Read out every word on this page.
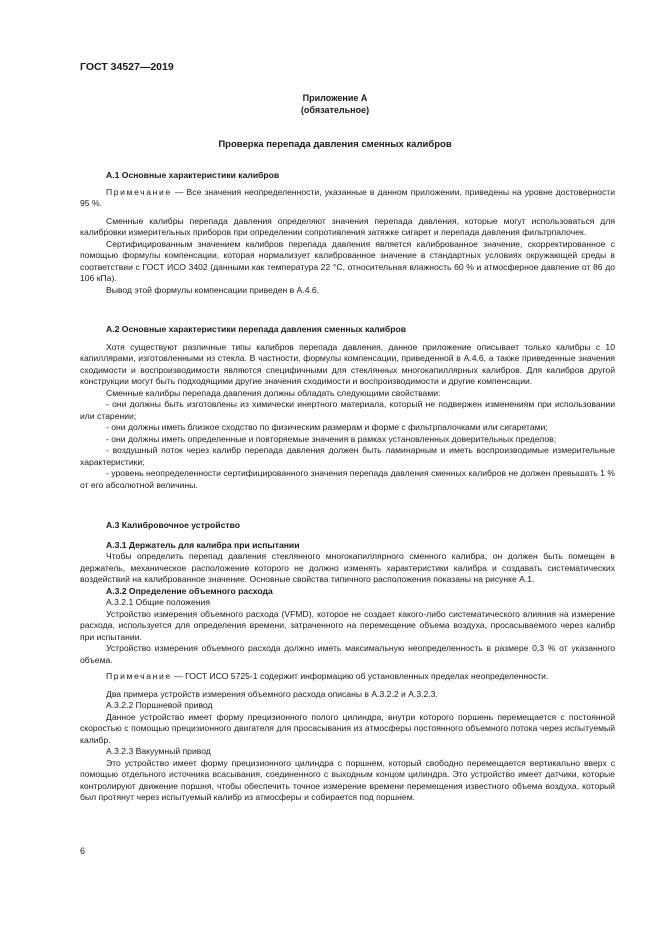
ГОСТ 34527—2019
Приложение А
(обязательное)
Проверка перепада давления сменных калибров

А.1 Основные характеристики калибров

Примечание — Все значения неопределенности, указанные в данном приложении, приведены на уровне достоверности 95 %.

Сменные калибры перепада давления определяют значения перепада давления, которые могут использоваться для калибровки измерительных приборов при определении сопротивления затяжке сигарет и перепада давления фильтрпалочек.

Сертифицированным значением калибров перепада давления является калиброванное значение, скорректированное с помощью формулы компенсации, которая нормализует калиброванное значение в стандартных условиях окружающей среды в соответствии с ГОСТ ИСО 3402 (данными как температура 22 °С, относительная влажность 60 % и атмосферное давление от 86 до 106 кПа).

Вывод этой формулы компенсации приведен в А.4.6.

А.2 Основные характеристики перепада давления сменных калибров

Хотя существуют различные типы калибров перепада давления, данное приложение описывает только калибры с 10 капиллярами, изготовленными из стекла. В частности, формулы компенсации, приведенной в А.4.6, а также приведенные значения сходимости и воспроизводимости являются специфичными для стеклянных многокапиллярных калибров. Для калибров другой конструкции могут быть подходящими другие значения сходимости и воспроизводимости и другие компенсации.

Сменные калибры перепада давления должны обладать следующими свойствами:

- они должны быть изготовлены из химически инертного материала, который не подвержен изменениям при использовании или старении;

- они должны иметь близкое сходство по физическим размерам и форме с фильтрпалочками или сигаретами;

- они должны иметь определенные и повторяемые значения в рамках установленных доверительных пределов;

- воздушный поток через калибр перепада давления должен быть ламинарным и иметь воспроизводимые измерительные характеристики;

- уровень неопределенности сертифицированного значения перепада давления сменных калибров не должен превышать 1 % от его абсолютной величины.

А.3 Калибровочное устройство

А.3.1 Держатель для калибра при испытании

Чтобы определить перепад давления стеклянного многокапиллярного сменного калибра, он должен быть помещен в держатель, механическое расположение которого не должно изменять характеристики калибра и создавать систематических воздействий на калиброванное значение. Основные свойства типичного расположения показаны на рисунке А.1.

А.3.2 Определение объемного расхода

А.3.2.1 Общие положения

Устройство измерения объемного расхода (VFMD), которое не создает какого-либо систематического влияния на измерение расхода, используется для определения времени, затраченного на перемещение объема воздуха, просасываемого через калибр при испытании.

Устройство измерения объемного расхода должно иметь максимальную неопределенность в размере 0,3 % от указанного объема.

Примечание — ГОСТ ИСО 5725-1 содержит информацию об установленных пределах неопределенности.

Два примера устройств измерения объемного расхода описаны в А.3.2.2 и А.3.2.3.

А.3.2.2 Поршневой привод

Данное устройство имеет форму прецизионного полого цилиндра, внутри которого поршень перемещается с постоянной скоростью с помощью прецизионного двигателя для просасывания из атмосферы постоянного объемного потока через испытуемый калибр.

А.3.2.3 Вакуумный привод

Это устройство имеет форму прецизионного цилиндра с поршнем, который свободно перемещается вертикально вверх с помощью отдельного источника всасывания, соединенного с выходным концом цилиндра. Это устройство имеет датчики, которые контролируют движение поршня, чтобы обеспечить точное измерение времени перемещения известного объема воздуха, который был протянут через испытуемый калибр из атмосферы и собирается под поршнем.

6
